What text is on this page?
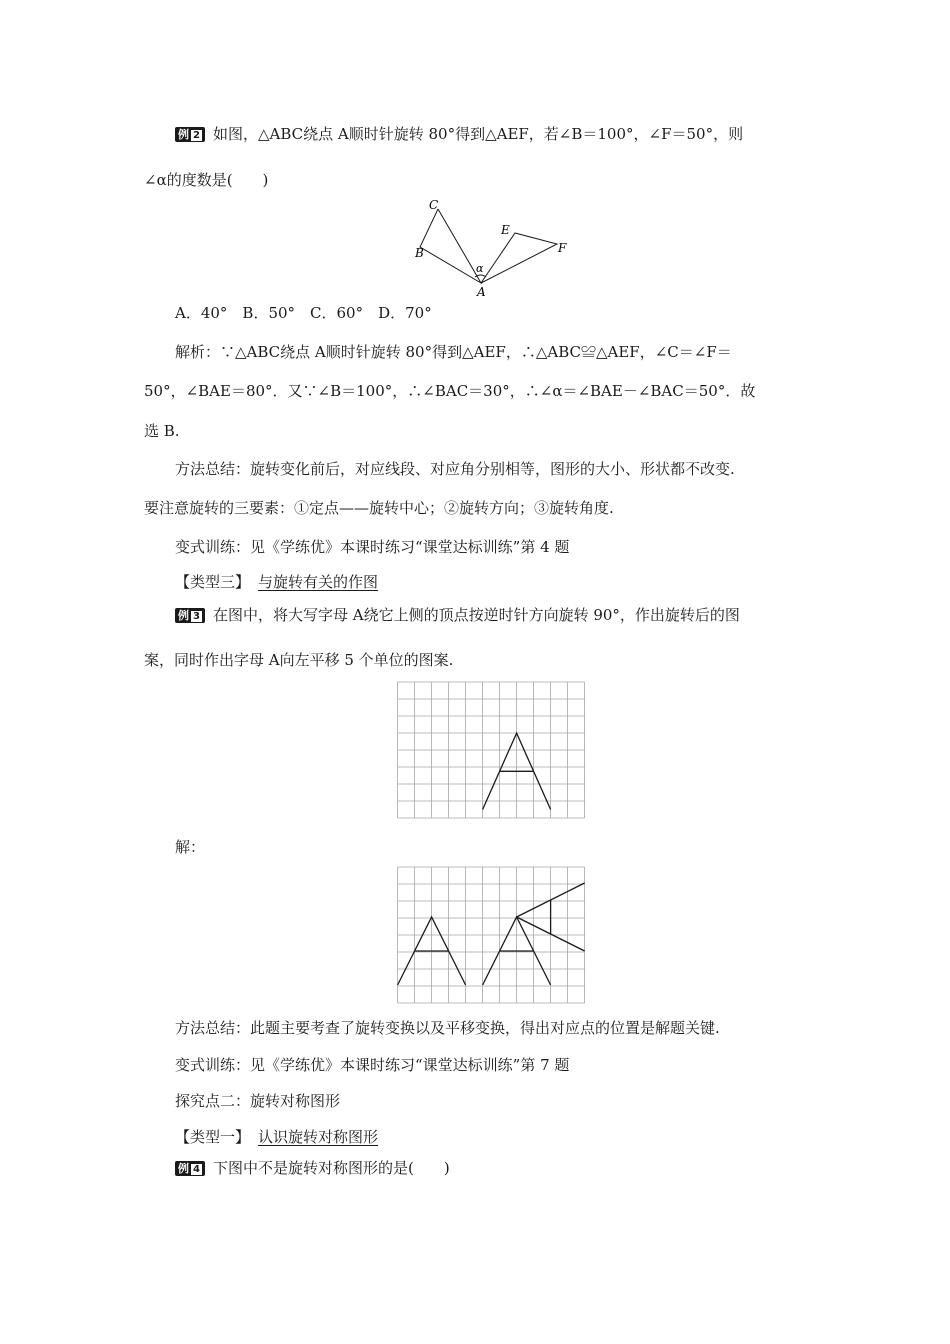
例 2 如图，△ABC绕点 A顺时针旋转 80°得到△AEF，若∠B＝100°，∠F＝50°，则
∠α的度数是(　　)
C
B
E
F
α
A
A．40°　B．50°　C．60°　D．70°
解析：∵△ABC绕点 A顺时针旋转 80°得到△AEF，∴△ABC≌△AEF，∠C＝∠F＝
50°，∠BAE＝80°．又∵∠B＝100°，∴∠BAC＝30°，∴∠α＝∠BAE－∠BAC＝50°．故
选 B.
方法总结：旋转变化前后，对应线段、对应角分别相等，图形的大小、形状都不改变.
要注意旋转的三要素：①定点——旋转中心；②旋转方向；③旋转角度.
变式训练：见《学练优》本课时练习“课堂达标训练”第 4 题
【类型三】 与旋转有关的作图
例 3 在图中，将大写字母 A绕它上侧的顶点按逆时针方向旋转 90°，作出旋转后的图
案，同时作出字母 A向左平移 5 个单位的图案.
解：
方法总结：此题主要考查了旋转变换以及平移变换，得出对应点的位置是解题关键.
变式训练：见《学练优》本课时练习“课堂达标训练”第 7 题
探究点二：旋转对称图形
【类型一】 认识旋转对称图形
例 4 下图中不是旋转对称图形的是(　　)
